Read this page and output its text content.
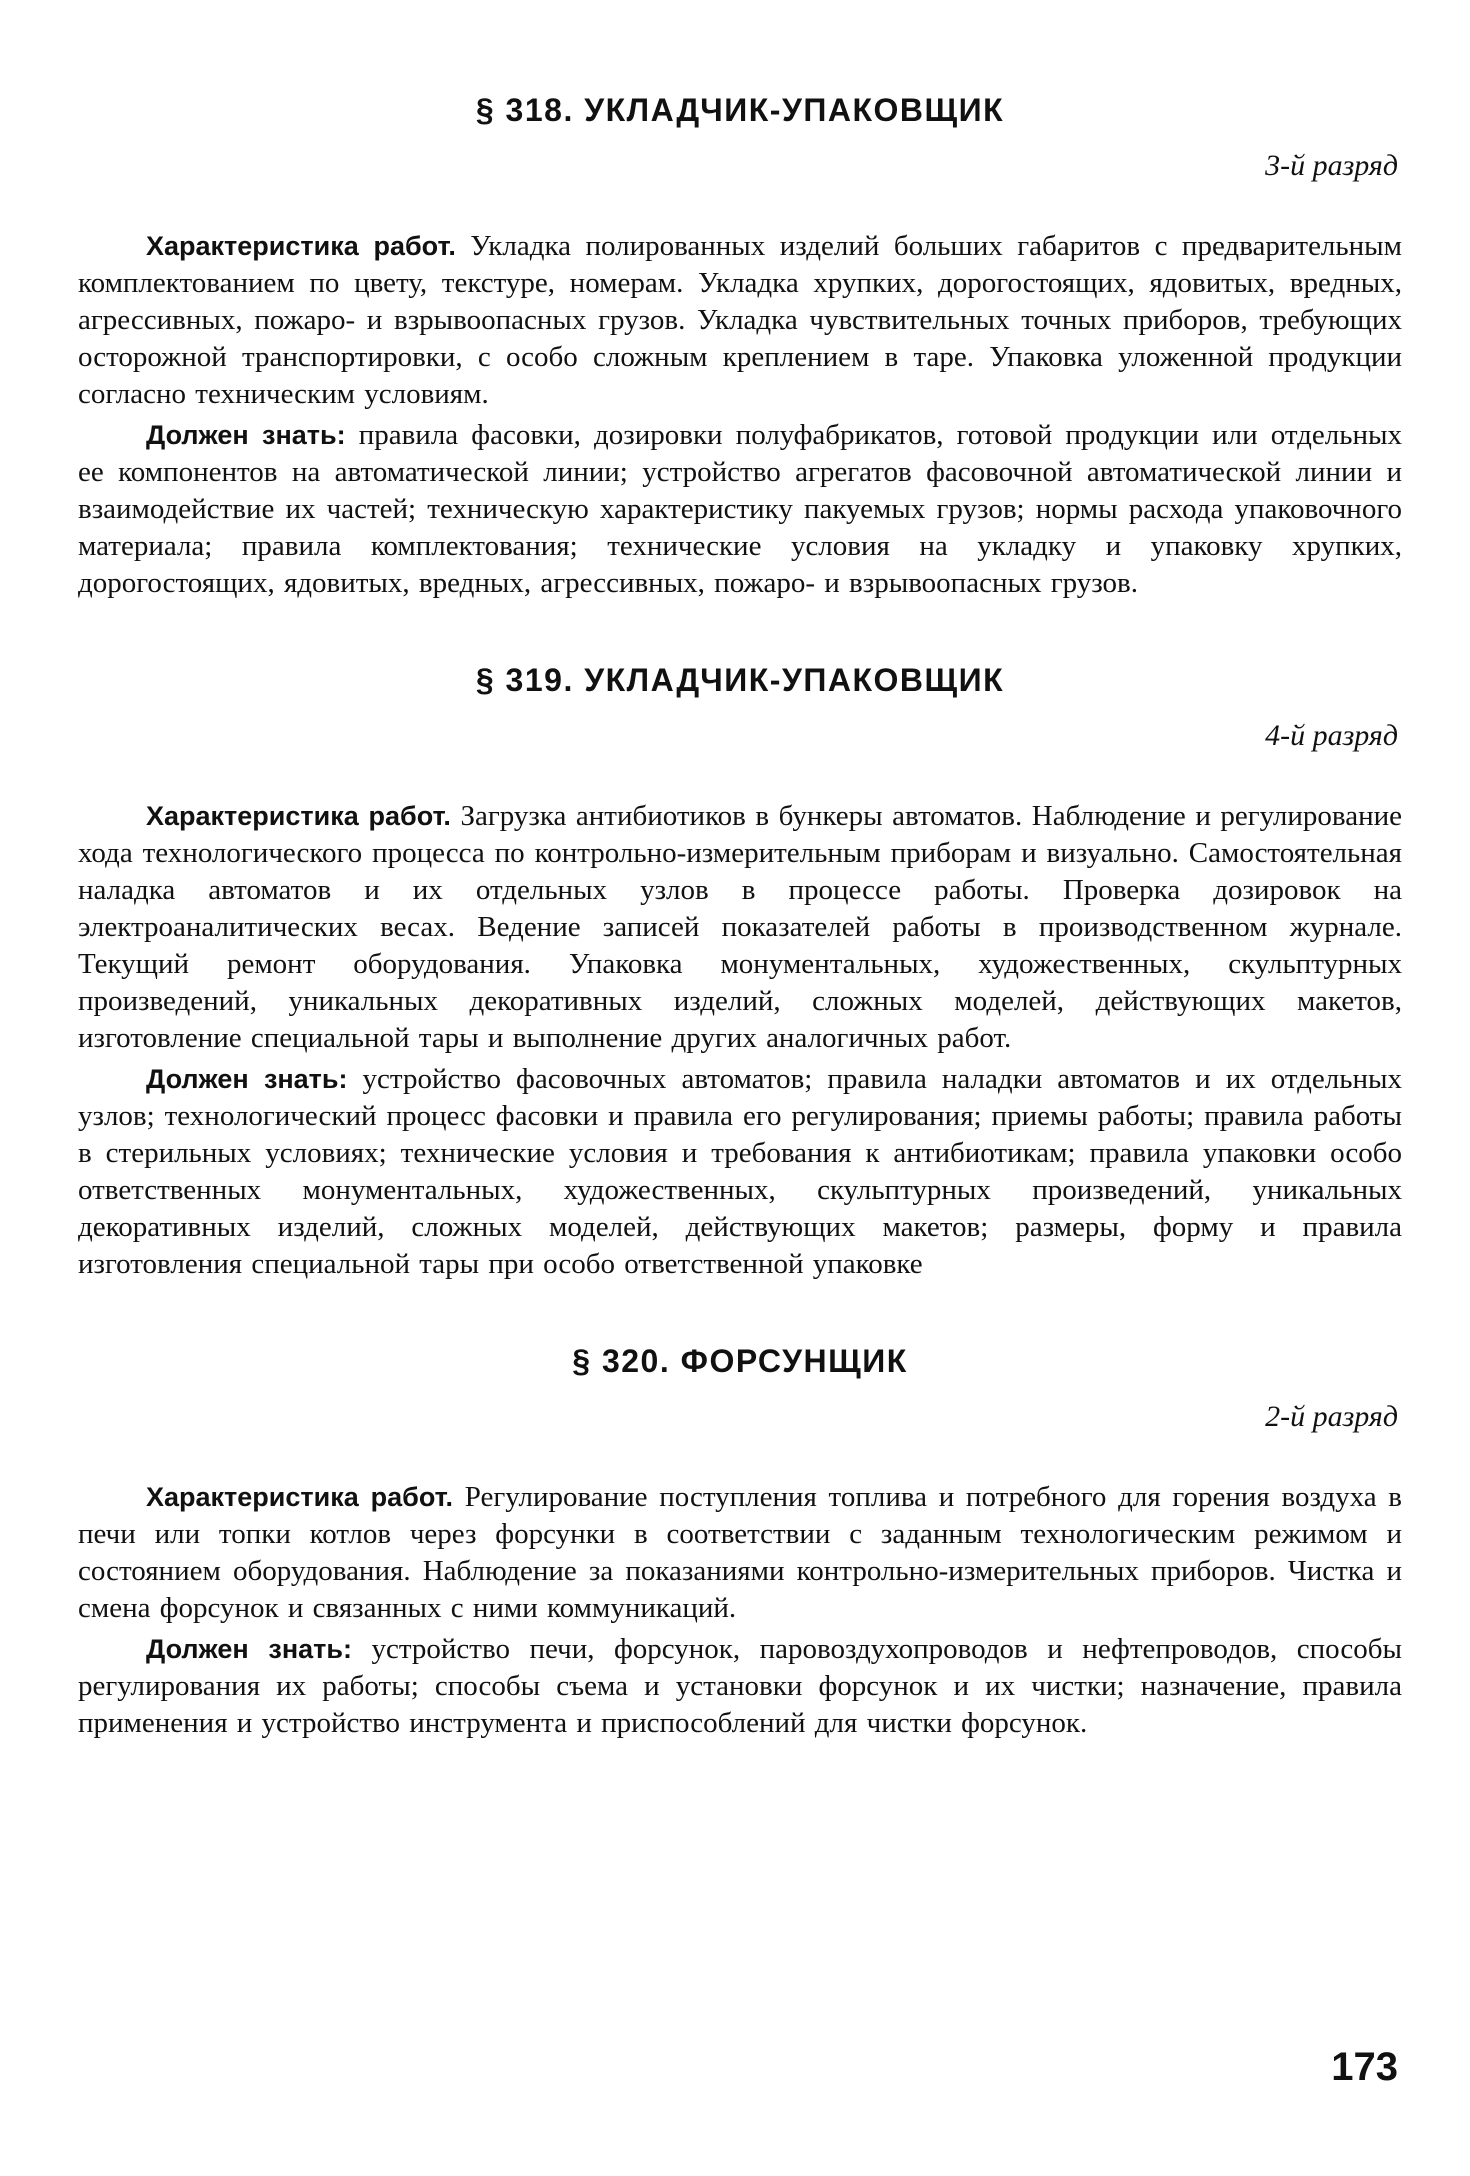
§ 318. УКЛАДЧИК-УПАКОВЩИК
3-й разряд

Характеристика работ. Укладка полированных изделий больших габаритов с предварительным комплектованием по цвету, текстуре, номерам. Укладка хрупких, дорогостоящих, ядовитых, вредных, агрессивных, пожаро- и взрывоопасных грузов. Укладка чувствительных точных приборов, требующих осторожной транспортировки, с особо сложным креплением в таре. Упаковка уложенной продукции согласно техническим условиям.

Должен знать: правила фасовки, дозировки полуфабрикатов, готовой продукции или отдельных ее компонентов на автоматической линии; устройство агрегатов фасовочной автоматической линии и взаимодействие их частей; техническую характеристику пакуемых грузов; нормы расхода упаковочного материала; правила комплектования; технические условия на укладку и упаковку хрупких, дорогостоящих, ядовитых, вредных, агрессивных, пожаро- и взрывоопасных грузов.

§ 319. УКЛАДЧИК-УПАКОВЩИК
4-й разряд

Характеристика работ. Загрузка антибиотиков в бункеры автоматов. Наблюдение и регулирование хода технологического процесса по контрольно-измерительным приборам и визуально. Самостоятельная наладка автоматов и их отдельных узлов в процессе работы. Проверка дозировок на электроаналитических весах. Ведение записей показателей работы в производственном журнале. Текущий ремонт оборудования. Упаковка монументальных, художественных, скульптурных произведений, уникальных декоративных изделий, сложных моделей, действующих макетов, изготовление специальной тары и выполнение других аналогичных работ.

Должен знать: устройство фасовочных автоматов; правила наладки автоматов и их отдельных узлов; технологический процесс фасовки и правила его регулирования; приемы работы; правила работы в стерильных условиях; технические условия и требования к антибиотикам; правила упаковки особо ответственных монументальных, художественных, скульптурных произведений, уникальных декоративных изделий, сложных моделей, действующих макетов; размеры, форму и правила изготовления специальной тары при особо ответственной упаковке

§ 320. ФОРСУНЩИК
2-й разряд

Характеристика работ. Регулирование поступления топлива и потребного для горения воздуха в печи или топки котлов через форсунки в соответствии с заданным технологическим режимом и состоянием оборудования. Наблюдение за показаниями контрольно-измерительных приборов. Чистка и смена форсунок и связанных с ними коммуникаций.

Должен знать: устройство печи, форсунок, паровоздухопроводов и нефтепроводов, способы регулирования их работы; способы съема и установки форсунок и их чистки; назначение, правила применения и устройство инструмента и приспособлений для чистки форсунок.

173
